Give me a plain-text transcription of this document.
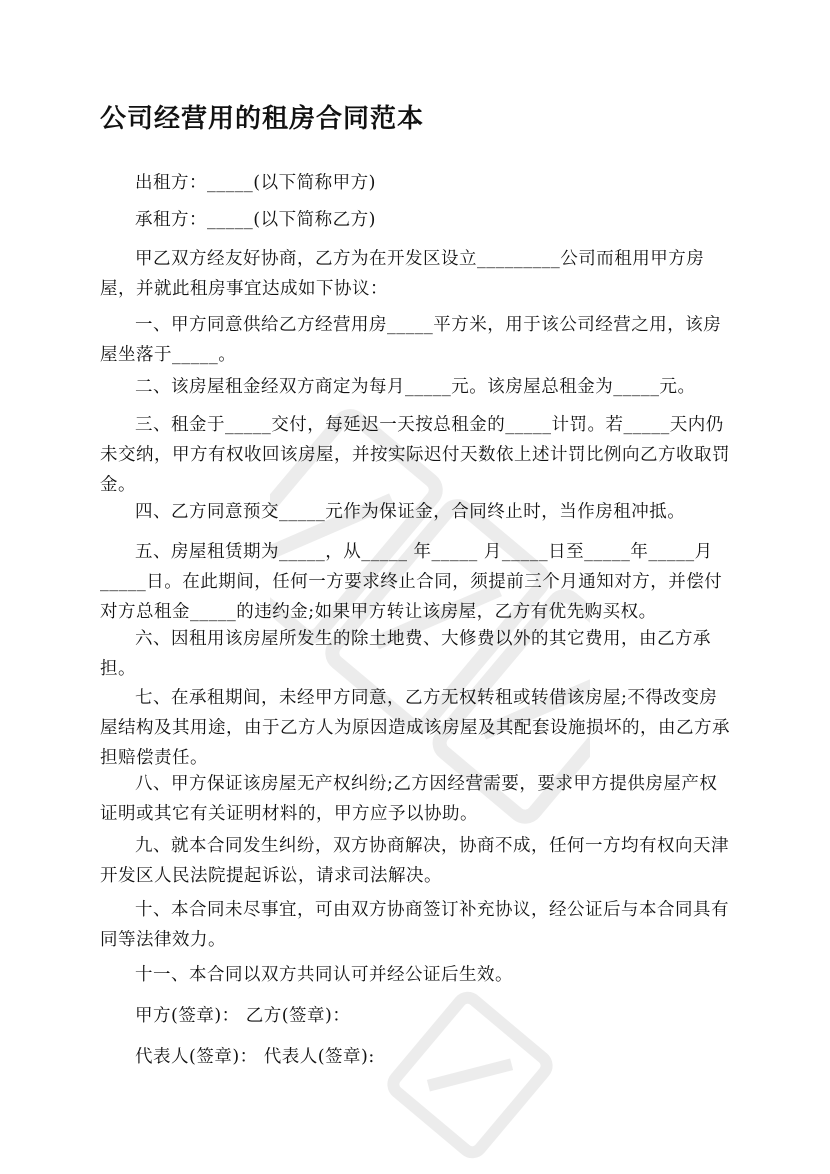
公司经营用的租房合同范本

出租方：_____(以下简称甲方)

承租方：_____(以下简称乙方)

甲乙双方经友好协商，乙方为在开发区设立_________公司而租用甲方房屋，并就此租房事宜达成如下协议：

一、甲方同意供给乙方经营用房_____平方米，用于该公司经营之用，该房屋坐落于_____。

二、该房屋租金经双方商定为每月_____元。该房屋总租金为_____元。

三、租金于_____交付，每延迟一天按总租金的_____计罚。若_____天内仍未交纳，甲方有权收回该房屋，并按实际迟付天数依上述计罚比例向乙方收取罚金。

四、乙方同意预交_____元作为保证金，合同终止时，当作房租冲抵。

五、房屋租赁期为_____，从_____ 年_____ 月_____日至_____年_____月_____日。在此期间，任何一方要求终止合同，须提前三个月通知对方，并偿付对方总租金_____的违约金;如果甲方转让该房屋，乙方有优先购买权。

六、因租用该房屋所发生的除土地费、大修费以外的其它费用，由乙方承担。

七、在承租期间，未经甲方同意，乙方无权转租或转借该房屋;不得改变房屋结构及其用途，由于乙方人为原因造成该房屋及其配套设施损坏的，由乙方承担赔偿责任。

八、甲方保证该房屋无产权纠纷;乙方因经营需要，要求甲方提供房屋产权证明或其它有关证明材料的，甲方应予以协助。

九、就本合同发生纠纷，双方协商解决，协商不成，任何一方均有权向天津开发区人民法院提起诉讼，请求司法解决。

十、本合同未尽事宜，可由双方协商签订补充协议，经公证后与本合同具有同等法律效力。

十一、本合同以双方共同认可并经公证后生效。

甲方(签章)： 乙方(签章)：

代表人(签章)： 代表人(签章):
